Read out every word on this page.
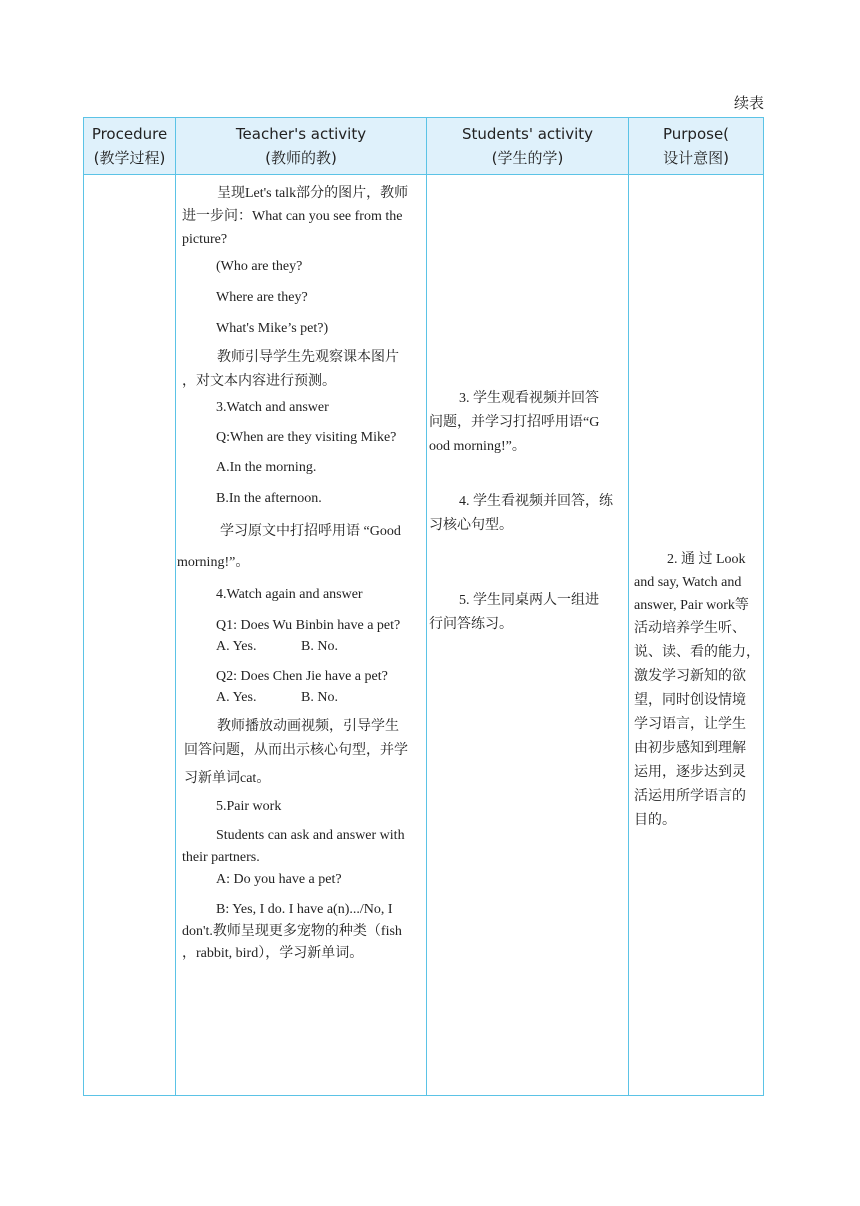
续表
Procedure
(教学过程)
Teacher's activity
(教师的教)
Students' activity
(学生的学)
Purpose(
设计意图)
呈现Let's talk部分的图片，教师
进一步问：What can you see from the
picture?
(Who are they?
Where are they?
What's Mike’s pet?)
教师引导学生先观察课本图片
，对文本内容进行预测。
3.Watch and answer
Q:When are they visiting Mike?
A.In the morning.
B.In the afternoon.
学习原文中打招呼用语 “Good
morning!”。
4.Watch again and answer
Q1: Does Wu Binbin have a pet?
A. Yes.	B. No.
Q2: Does Chen Jie have a pet?
A. Yes.	B. No.
教师播放动画视频，引导学生
回答问题，从而出示核心句型，并学
习新单词cat。
5.Pair work
Students can ask and answer with
their partners.
A: Do you have a pet?
B: Yes, I do. I have a(n).../No, I
don't.教师呈现更多宠物的种类（fish
，rabbit, bird），学习新单词。
3. 学生观看视频并回答
问题，并学习打招呼用语“G
ood morning!”。
4. 学生看视频并回答，练
习核心句型。
5. 学生同桌两人一组进
行问答练习。
2. 通 过 Look
and say, Watch and
answer, Pair work等
活动培养学生听、
说、读、看的能力，
激发学习新知的欲
望，同时创设情境
学习语言，让学生
由初步感知到理解
运用，逐步达到灵
活运用所学语言的
目的。
